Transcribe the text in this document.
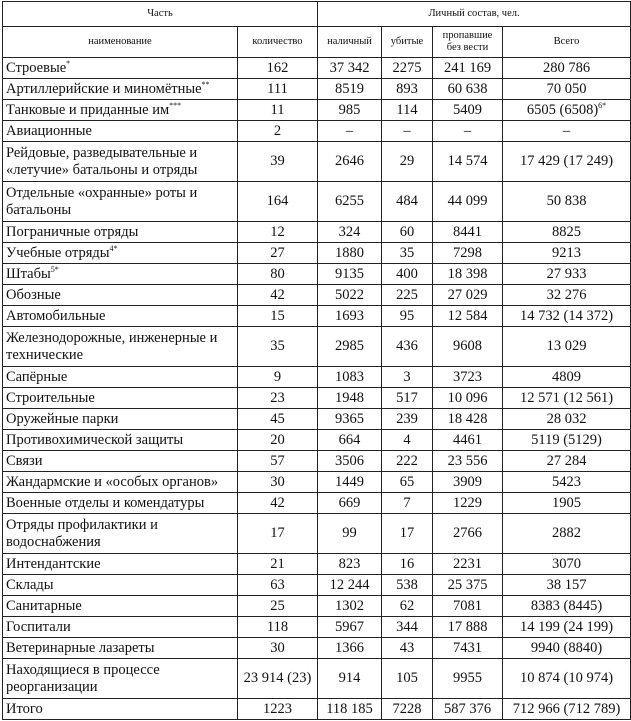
Часть		Личный состав, чел.			
наименование	количество	наличный	убитые	пропавшие без вести	Всего
Строевые*	162	37 342	2275	241 169	280 786
Артиллерийские и миномётные**	111	8519	893	60 638	70 050
Танковые и приданные им***	11	985	114	5409	6505 $(6508)^{6*}$
Авиационные	2	–	–	–	–
Рейдовые, разведывательные и «летучие» батальоны и отряды	39	2646	29	14 574	17 429 (17 249)
Отдельные «охранные» роты и батальоны	164	6255	484	44 099	50 838
Пограничные отряды	12	324	60	8441	8825
Учебные отряды$^{4*}$	27	1880	35	7298	9213
Штабы$^{5*}$	80	9135	400	18 398	27 933
Обозные	42	5022	225	27 029	32 276
Автомобильные	15	1693	95	12 584	14 732 (14 372)
Железнодорожные, инженерные и технические	35	2985	436	9608	13 029
Сапёрные	9	1083	3	3723	4809
Строительные	23	1948	517	10 096	12 571 (12 561)
Оружейные парки	45	9365	239	18 428	28 032
Противохимической защиты	20	664	4	4461	5119 (5129)
Связи	57	3506	222	23 556	27 284
Жандармские и «особых органов»	30	1449	65	3909	5423
Военные отделы и комендатуры	42	669	7	1229	1905
Отряды профилактики и водоснабжения	17	99	17	2766	2882
Интендантские	21	823	16	2231	3070
Склады	63	12 244	538	25 375	38 157
Санитарные	25	1302	62	7081	8383 (8445)
Госпитали	118	5967	344	17 888	14 199 (24 199)
Ветеринарные лазареты	30	1366	43	7431	9940 (8840)
Находящиеся в процессе реорганизации	23 914 (23)	914	105	9955	10 874 (10 974)
Итого	1223	118 185	7228	587 376	712 966 (712 789)
